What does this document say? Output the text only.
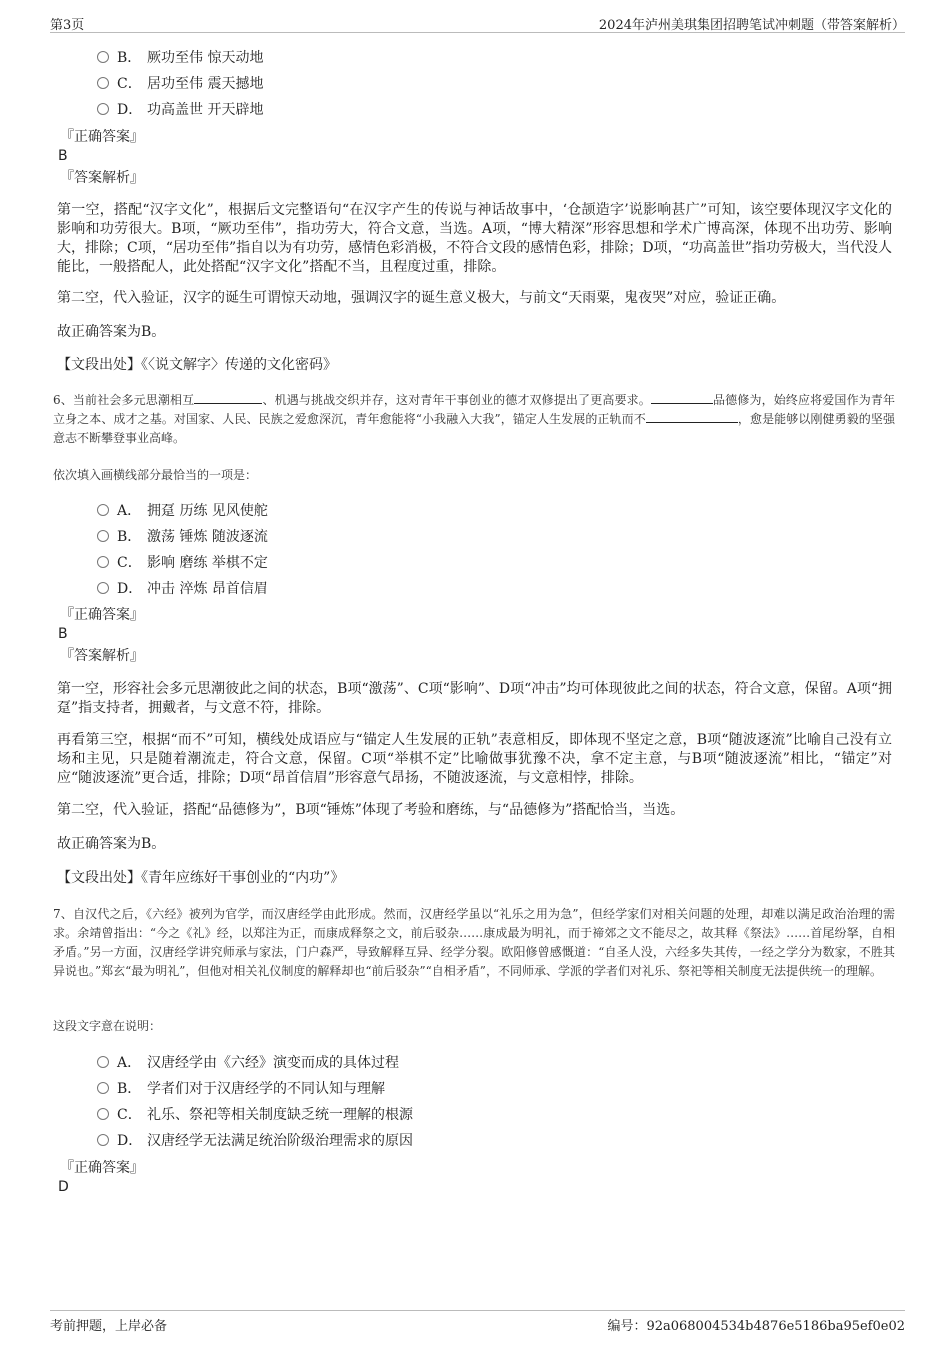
第3页	2024年泸州美琪集团招聘笔试冲刺题（带答案解析）
B． 厥功至伟 惊天动地
C． 居功至伟 震天撼地
D． 功高盖世 开天辟地
『正确答案』
B
『答案解析』
第一空，搭配“汉字文化”，根据后文完整语句“在汉字产生的传说与神话故事中，‘仓颉造字’说影响甚广”可知，该空要体现汉字文化的影响和功劳很大。B项，“厥功至伟”，指功劳大，符合文意，当选。A项，“博大精深”形容思想和学术广博高深，体现不出功劳、影响大，排除；C项，“居功至伟”指自以为有功劳，感情色彩消极，不符合文段的感情色彩，排除；D项，“功高盖世”指功劳极大，当代没人能比，一般搭配人，此处搭配“汉字文化”搭配不当，且程度过重，排除。
第二空，代入验证，汉字的诞生可谓惊天动地，强调汉字的诞生意义极大，与前文“天雨粟，鬼夜哭”对应，验证正确。
故正确答案为B。
【文段出处】《〈说文解字〉传递的文化密码》
6、当前社会多元思潮相互	、机遇与挑战交织并存，这对青年干事创业的德才双修提出了更高要求。	品德修为，始终应将爱国作为青年立身之本、成才之基。对国家、人民、民族之爱愈深沉，青年愈能将“小我融入大我”，锚定人生发展的正轨而不	，愈是能够以刚健勇毅的坚强意志不断攀登事业高峰。
依次填入画横线部分最恰当的一项是：
A． 拥趸 历练 见风使舵
B． 激荡 锤炼 随波逐流
C． 影响 磨练 举棋不定
D． 冲击 淬炼 昂首信眉
『正确答案』
B
『答案解析』
第一空，形容社会多元思潮彼此之间的状态，B项“激荡”、C项“影响”、D项“冲击”均可体现彼此之间的状态，符合文意，保留。A项“拥趸”指支持者，拥戴者，与文意不符，排除。
再看第三空，根据“而不”可知，横线处成语应与“锚定人生发展的正轨”表意相反，即体现不坚定之意，B项“随波逐流”比喻自己没有立场和主见，只是随着潮流走，符合文意，保留。C项“举棋不定”比喻做事犹豫不决，拿不定主意，与B项“随波逐流”相比，“锚定”对应“随波逐流”更合适，排除；D项“昂首信眉”形容意气昂扬，不随波逐流，与文意相悖，排除。
第二空，代入验证，搭配“品德修为”，B项“锤炼”体现了考验和磨练，与“品德修为”搭配恰当，当选。
故正确答案为B。
【文段出处】《青年应练好干事创业的“内功”》
7、自汉代之后，《六经》被列为官学，而汉唐经学由此形成。然而，汉唐经学虽以“礼乐之用为急”，但经学家们对相关问题的处理，却难以满足政治治理的需求。余靖曾指出：“今之《礼》经，以郑注为正，而康成释祭之文，前后驳杂……康成最为明礼，而于禘郊之文不能尽之，故其释《祭法》……首尾纷拏，自相矛盾。”另一方面，汉唐经学讲究师承与家法，门户森严，导致解释互异、经学分裂。欧阳修曾感慨道：“自圣人没，六经多失其传，一经之学分为数家，不胜其异说也。”郑玄“最为明礼”，但他对相关礼仪制度的解释却也“前后驳杂”“自相矛盾”，不同师承、学派的学者们对礼乐、祭祀等相关制度无法提供统一的理解。
这段文字意在说明：
A． 汉唐经学由《六经》演变而成的具体过程
B． 学者们对于汉唐经学的不同认知与理解
C． 礼乐、祭祀等相关制度缺乏统一理解的根源
D． 汉唐经学无法满足统治阶级治理需求的原因
『正确答案』
D
考前押题，上岸必备	编号：92a068004534b4876e5186ba95ef0e02
